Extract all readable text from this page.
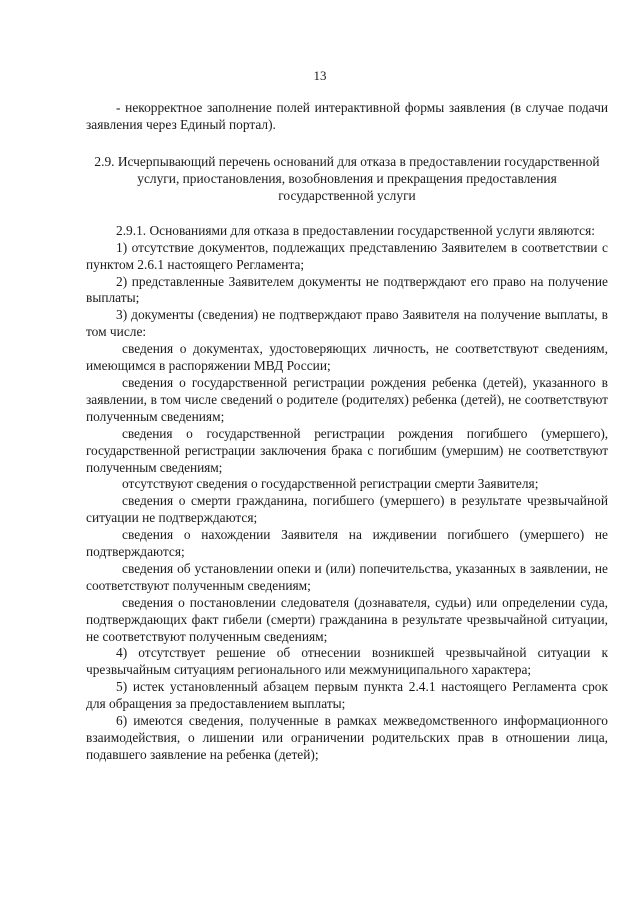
13

- некорректное заполнение полей интерактивной формы заявления (в случае подачи заявления через Единый портал).

2.9. Исчерпывающий перечень оснований для отказа в предоставлении государственной услуги, приостановления, возобновления и прекращения предоставления государственной услуги

2.9.1. Основаниями для отказа в предоставлении государственной услуги являются:

1) отсутствие документов, подлежащих представлению Заявителем в соответствии с пунктом 2.6.1 настоящего Регламента;

2) представленные Заявителем документы не подтверждают его право на получение выплаты;

3) документы (сведения) не подтверждают право Заявителя на получение выплаты, в том числе:

сведения о документах, удостоверяющих личность, не соответствуют сведениям, имеющимся в распоряжении МВД России;

сведения о государственной регистрации рождения ребенка (детей), указанного в заявлении, в том числе сведений о родителе (родителях) ребенка (детей), не соответствуют полученным сведениям;

сведения о государственной регистрации рождения погибшего (умершего), государственной регистрации заключения брака с погибшим (умершим) не соответствуют полученным сведениям;

отсутствуют сведения о государственной регистрации смерти Заявителя;

сведения о смерти гражданина, погибшего (умершего) в результате чрезвычайной ситуации не подтверждаются;

сведения о нахождении Заявителя на иждивении погибшего (умершего) не подтверждаются;

сведения об установлении опеки и (или) попечительства, указанных в заявлении, не соответствуют полученным сведениям;

сведения о постановлении следователя (дознавателя, судьи) или определении суда, подтверждающих факт гибели (смерти) гражданина в результате чрезвычайной ситуации, не соответствуют полученным сведениям;

4) отсутствует решение об отнесении возникшей чрезвычайной ситуации к чрезвычайным ситуациям регионального или межмуниципального характера;

5) истек установленный абзацем первым пункта 2.4.1 настоящего Регламента срок для обращения за предоставлением выплаты;

6) имеются сведения, полученные в рамках межведомственного информационного взаимодействия, о лишении или ограничении родительских прав в отношении лица, подавшего заявление на ребенка (детей);
